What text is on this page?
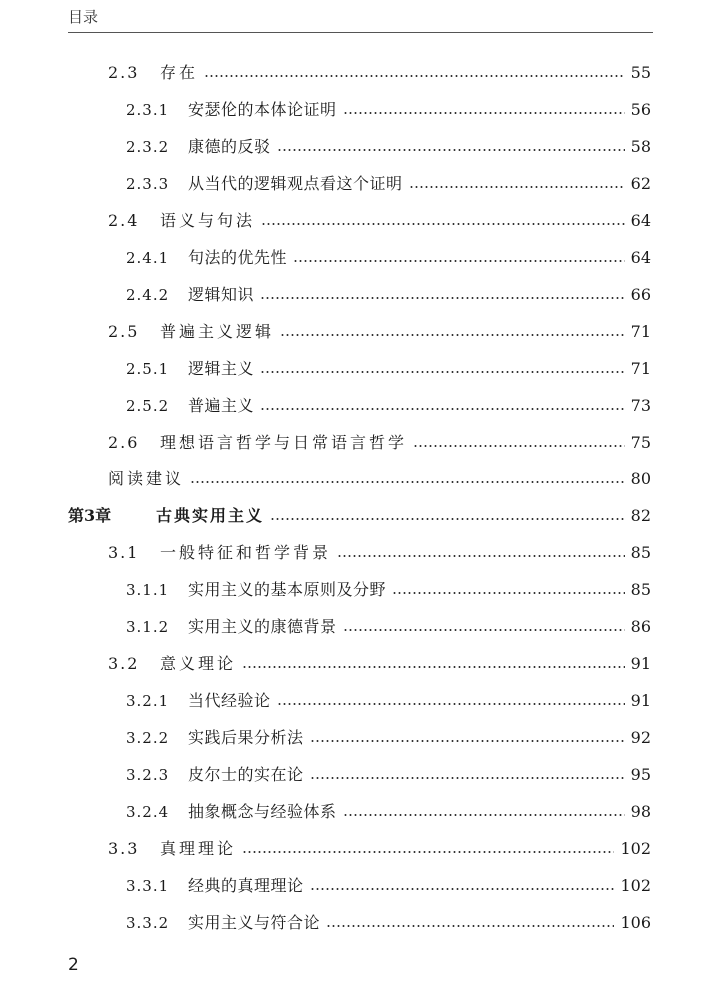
目录
2.3	存在	55
2.3.1	安瑟伦的本体论证明	56
2.3.2	康德的反驳	58
2.3.3	从当代的逻辑观点看这个证明	62
2.4	语义与句法	64
2.4.1	句法的优先性	64
2.4.2	逻辑知识	66
2.5	普遍主义逻辑	71
2.5.1	逻辑主义	71
2.5.2	普遍主义	73
2.6	理想语言哲学与日常语言哲学	75
阅读建议	80
第3章	古典实用主义	82
3.1	一般特征和哲学背景	85
3.1.1	实用主义的基本原则及分野	85
3.1.2	实用主义的康德背景	86
3.2	意义理论	91
3.2.1	当代经验论	91
3.2.2	实践后果分析法	92
3.2.3	皮尔士的实在论	95
3.2.4	抽象概念与经验体系	98
3.3	真理理论	102
3.3.1	经典的真理理论	102
3.3.2	实用主义与符合论	106
2
